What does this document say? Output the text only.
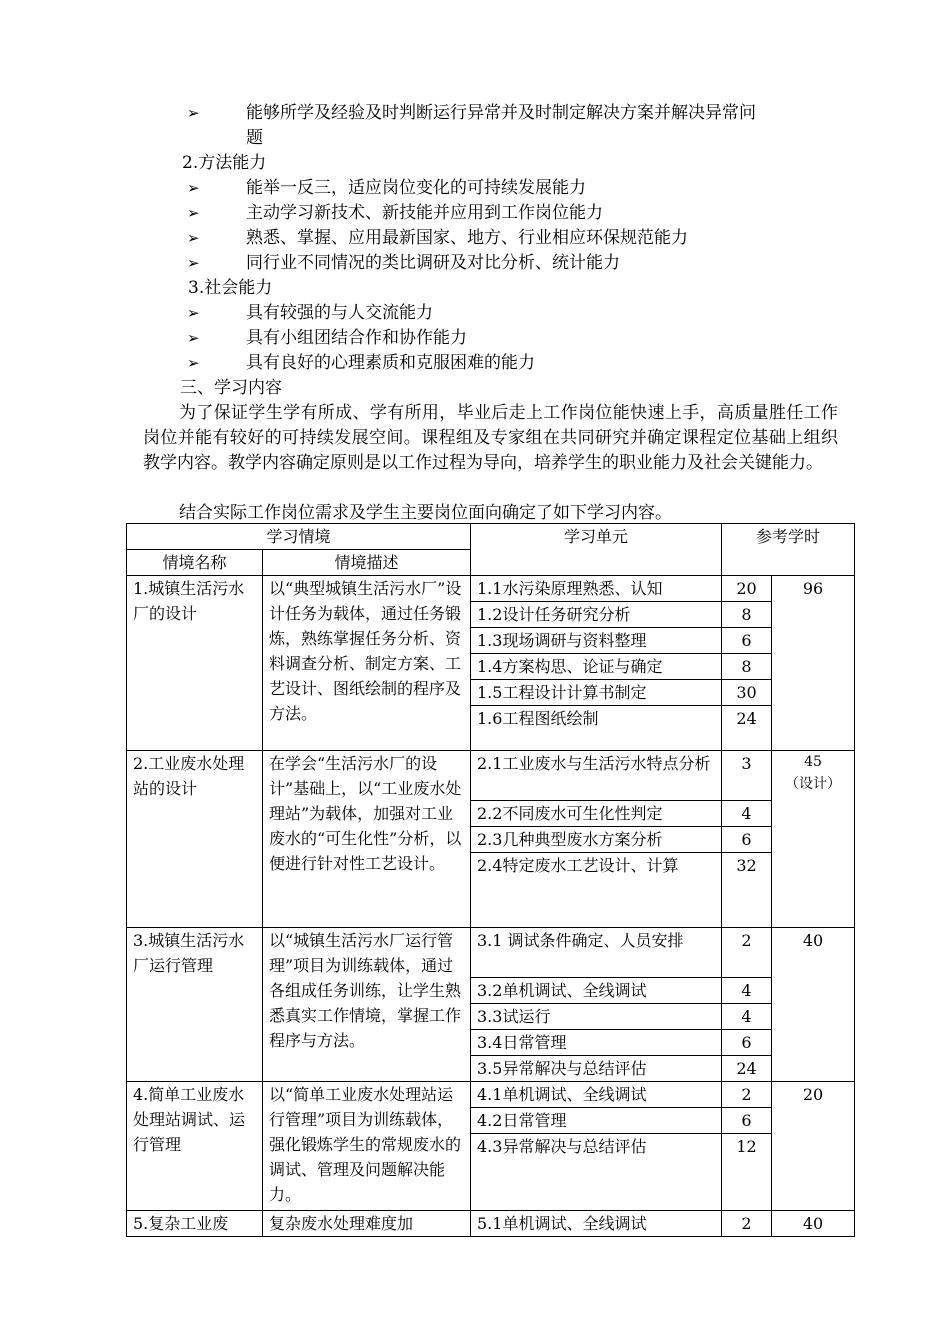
➢	能够所学及经验及时判断运行异常并及时制定解决方案并解决异常问
题
2.方法能力
➢	能举一反三，适应岗位变化的可持续发展能力
➢	主动学习新技术、新技能并应用到工作岗位能力
➢	熟悉、掌握、应用最新国家、地方、行业相应环保规范能力
➢	同行业不同情况的类比调研及对比分析、统计能力
3.社会能力
➢	具有较强的与人交流能力
➢	具有小组团结合作和协作能力
➢	具有良好的心理素质和克服困难的能力
三、学习内容
为了保证学生学有所成、学有所用，毕业后走上工作岗位能快速上手，高质量胜任工作岗位并能有较好的可持续发展空间。课程组及专家组在共同研究并确定课程定位基础上组织教学内容。教学内容确定原则是以工作过程为导向，培养学生的职业能力及社会关键能力。
结合实际工作岗位需求及学生主要岗位面向确定了如下学习内容。
学习情境		学习单元	参考学时	
情境名称	情境描述			
1.城镇生活污水厂的设计	以“典型城镇生活污水厂”设计任务为载体，通过任务锻炼，熟练掌握任务分析、资料调查分析、制定方案、工艺设计、图纸绘制的程序及方法。	1.1水污染原理熟悉、认知	20	96
		1.2设计任务研究分析	8	
		1.3现场调研与资料整理	6	
		1.4方案构思、论证与确定	8	
		1.5工程设计计算书制定	30	
		1.6工程图纸绘制	24	
2.工业废水处理站的设计	在学会“生活污水厂的设计”基础上，以“工业废水处理站”为载体，加强对工业废水的“可生化性”分析，以便进行针对性工艺设计。	2.1工业废水与生活污水特点分析	3	45
（设计）

		2.2不同废水可生化性判定	4	
		2.3几种典型废水方案分析	6	
		2.4特定废水工艺设计、计算	32	
3.城镇生活污水厂运行管理	以“城镇生活污水厂运行管理”项目为训练载体，通过各组成任务训练，让学生熟悉真实工作情境，掌握工作程序与方法。	3.1 调试条件确定、人员安排	2	40
		3.2单机调试、全线调试	4	
		3.3试运行	4	
		3.4日常管理	6	
		3.5异常解决与总结评估	24	
4.简单工业废水处理站调试、运行管理	以“简单工业废水处理站运行管理”项目为训练载体，强化锻炼学生的常规废水的调试、管理及问题解决能力。	4.1单机调试、全线调试	2	20
		4.2日常管理	6	
		4.3异常解决与总结评估	12	
5.复杂工业废	复杂废水处理难度加	5.1单机调试、全线调试	2	40
